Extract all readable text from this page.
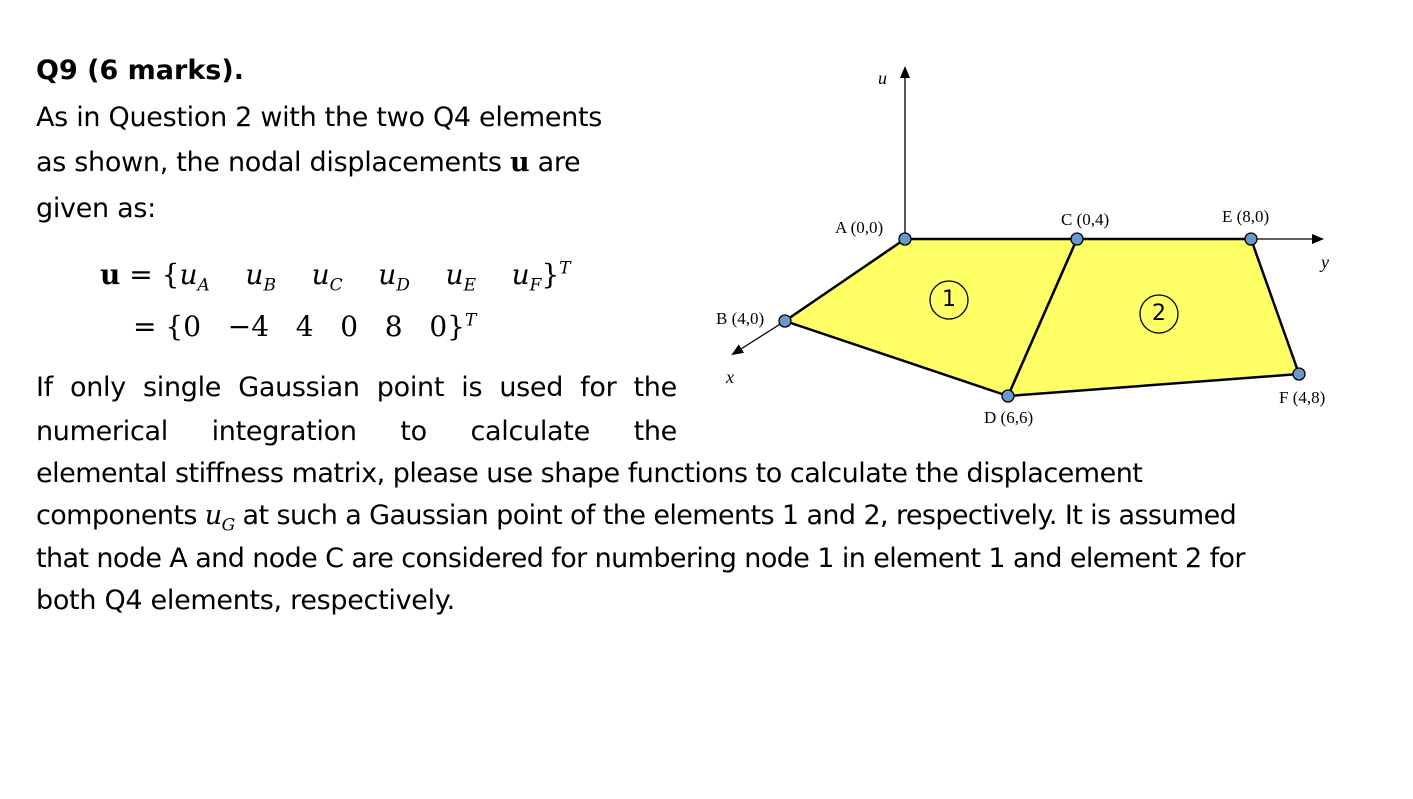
Q9 (6 marks).
As in Question 2 with the two Q4 elements
as shown, the nodal displacements u are
given as:
$u = \{u_A$ $u_B$ $u_C$ $u_D$ $u_E$ $u_F\}^T$
= {0 −4 4 0 8 0}$^T$
If only single Gaussian point is used for the
numerical integration to calculate the
elemental stiffness matrix, please use shape functions to calculate the displacement
components $u_G$ at such a Gaussian point of the elements 1 and 2, respectively. It is assumed
that node A and node C are considered for numbering node 1 in element 1 and element 2 for
both Q4 elements, respectively.
u
y
x
A (0,0)
B (4,0)
C (0,4)
D (6,6)
E (8,0)
F (4,8)
1
2
